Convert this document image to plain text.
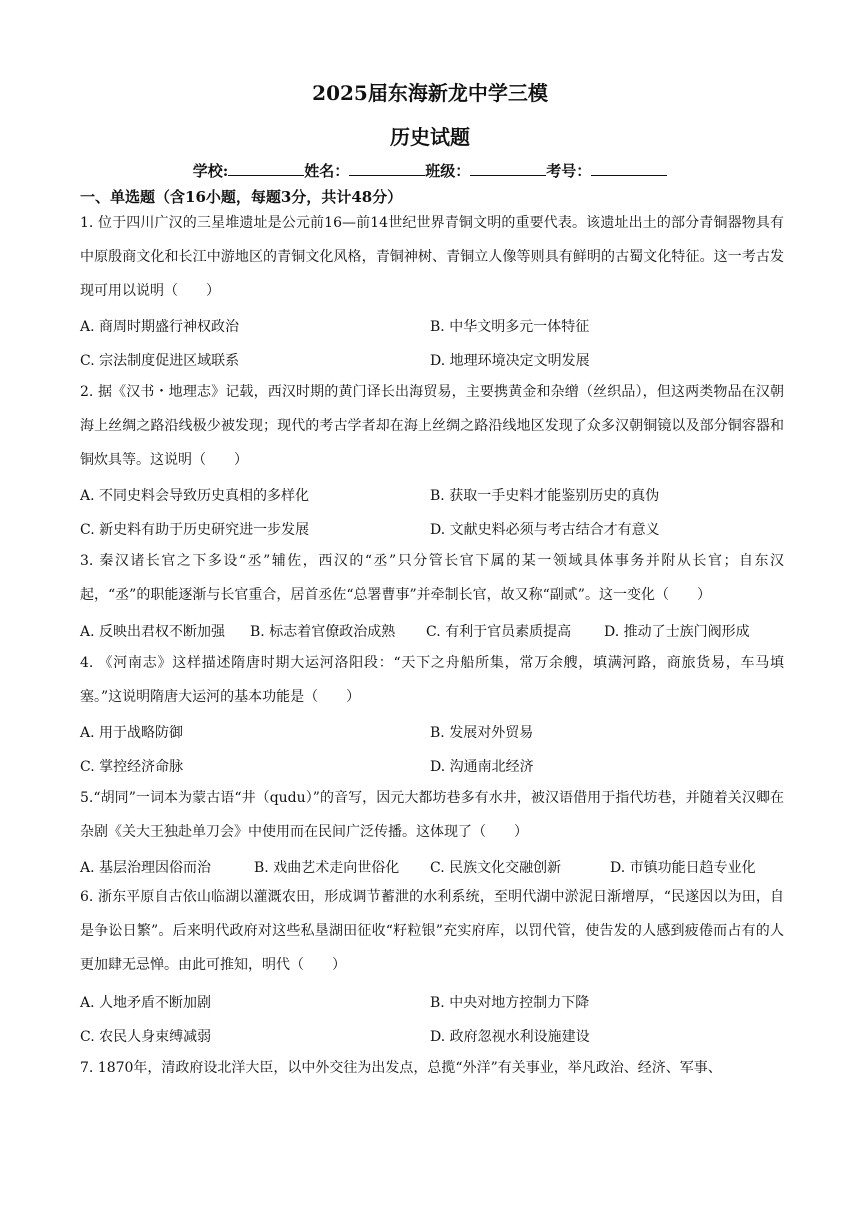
2025届东海新龙中学三模
历史试题
学校:	姓名：	班级：	考号：
一、单选题（含16小题，每题3分，共计48分）
1. 位于四川广汉的三星堆遗址是公元前16—前14世纪世界青铜文明的重要代表。该遗址出土的部分青铜器物具有中原殷商文化和长江中游地区的青铜文化风格，青铜神树、青铜立人像等则具有鲜明的古蜀文化特征。这一考古发现可用以说明（　　）
A. 商周时期盛行神权政治	B. 中华文明多元一体特征
C. 宗法制度促进区域联系	D. 地理环境决定文明发展
2. 据《汉书・地理志》记载，西汉时期的黄门译长出海贸易，主要携黄金和杂缯（丝织品），但这两类物品在汉朝海上丝绸之路沿线极少被发现；现代的考古学者却在海上丝绸之路沿线地区发现了众多汉朝铜镜以及部分铜容器和铜炊具等。这说明（　　）
A. 不同史料会导致历史真相的多样化	B. 获取一手史料才能鉴别历史的真伪
C. 新史料有助于历史研究进一步发展	D. 文献史料必须与考古结合才有意义
3. 秦汉诸长官之下多设“丞”辅佐，西汉的“丞”只分管长官下属的某一领域具体事务并附从长官；自东汉起，“丞”的职能逐渐与长官重合，居首丞佐“总署曹事”并牵制长官，故又称“副贰”。这一变化（　　）
A. 反映出君权不断加强 B. 标志着官僚政治成熟 C. 有利于官员素质提高 D. 推动了士族门阀形成
4. 《河南志》这样描述隋唐时期大运河洛阳段：“天下之舟船所集，常万余艘，填满河路，商旅货易，车马填塞。”这说明隋唐大运河的基本功能是（　　）
A. 用于战略防御	B. 发展对外贸易
C. 掌控经济命脉	D. 沟通南北经济
5.“胡同”一词本为蒙古语“井（qudu）”的音写，因元大都坊巷多有水井，被汉语借用于指代坊巷，并随着关汉卿在杂剧《关大王独赴单刀会》中使用而在民间广泛传播。这体现了（　　）
A. 基层治理因俗而治	B. 戏曲艺术走向世俗化 C. 民族文化交融创新	D. 市镇功能日趋专业化
6. 浙东平原自古依山临湖以灌溉农田，形成调节蓄泄的水利系统，至明代湖中淤泥日渐增厚，“民遂因以为田，自是争讼日繁”。后来明代政府对这些私垦湖田征收“籽粒银”充实府库，以罚代管，使告发的人感到疲倦而占有的人更加肆无忌惮。由此可推知，明代（　　）
A. 人地矛盾不断加剧	B. 中央对地方控制力下降
C. 农民人身束缚减弱	D. 政府忽视水利设施建设
7. 1870年，清政府设北洋大臣，以中外交往为出发点，总揽“外洋”有关事业，举凡政治、经济、军事、
